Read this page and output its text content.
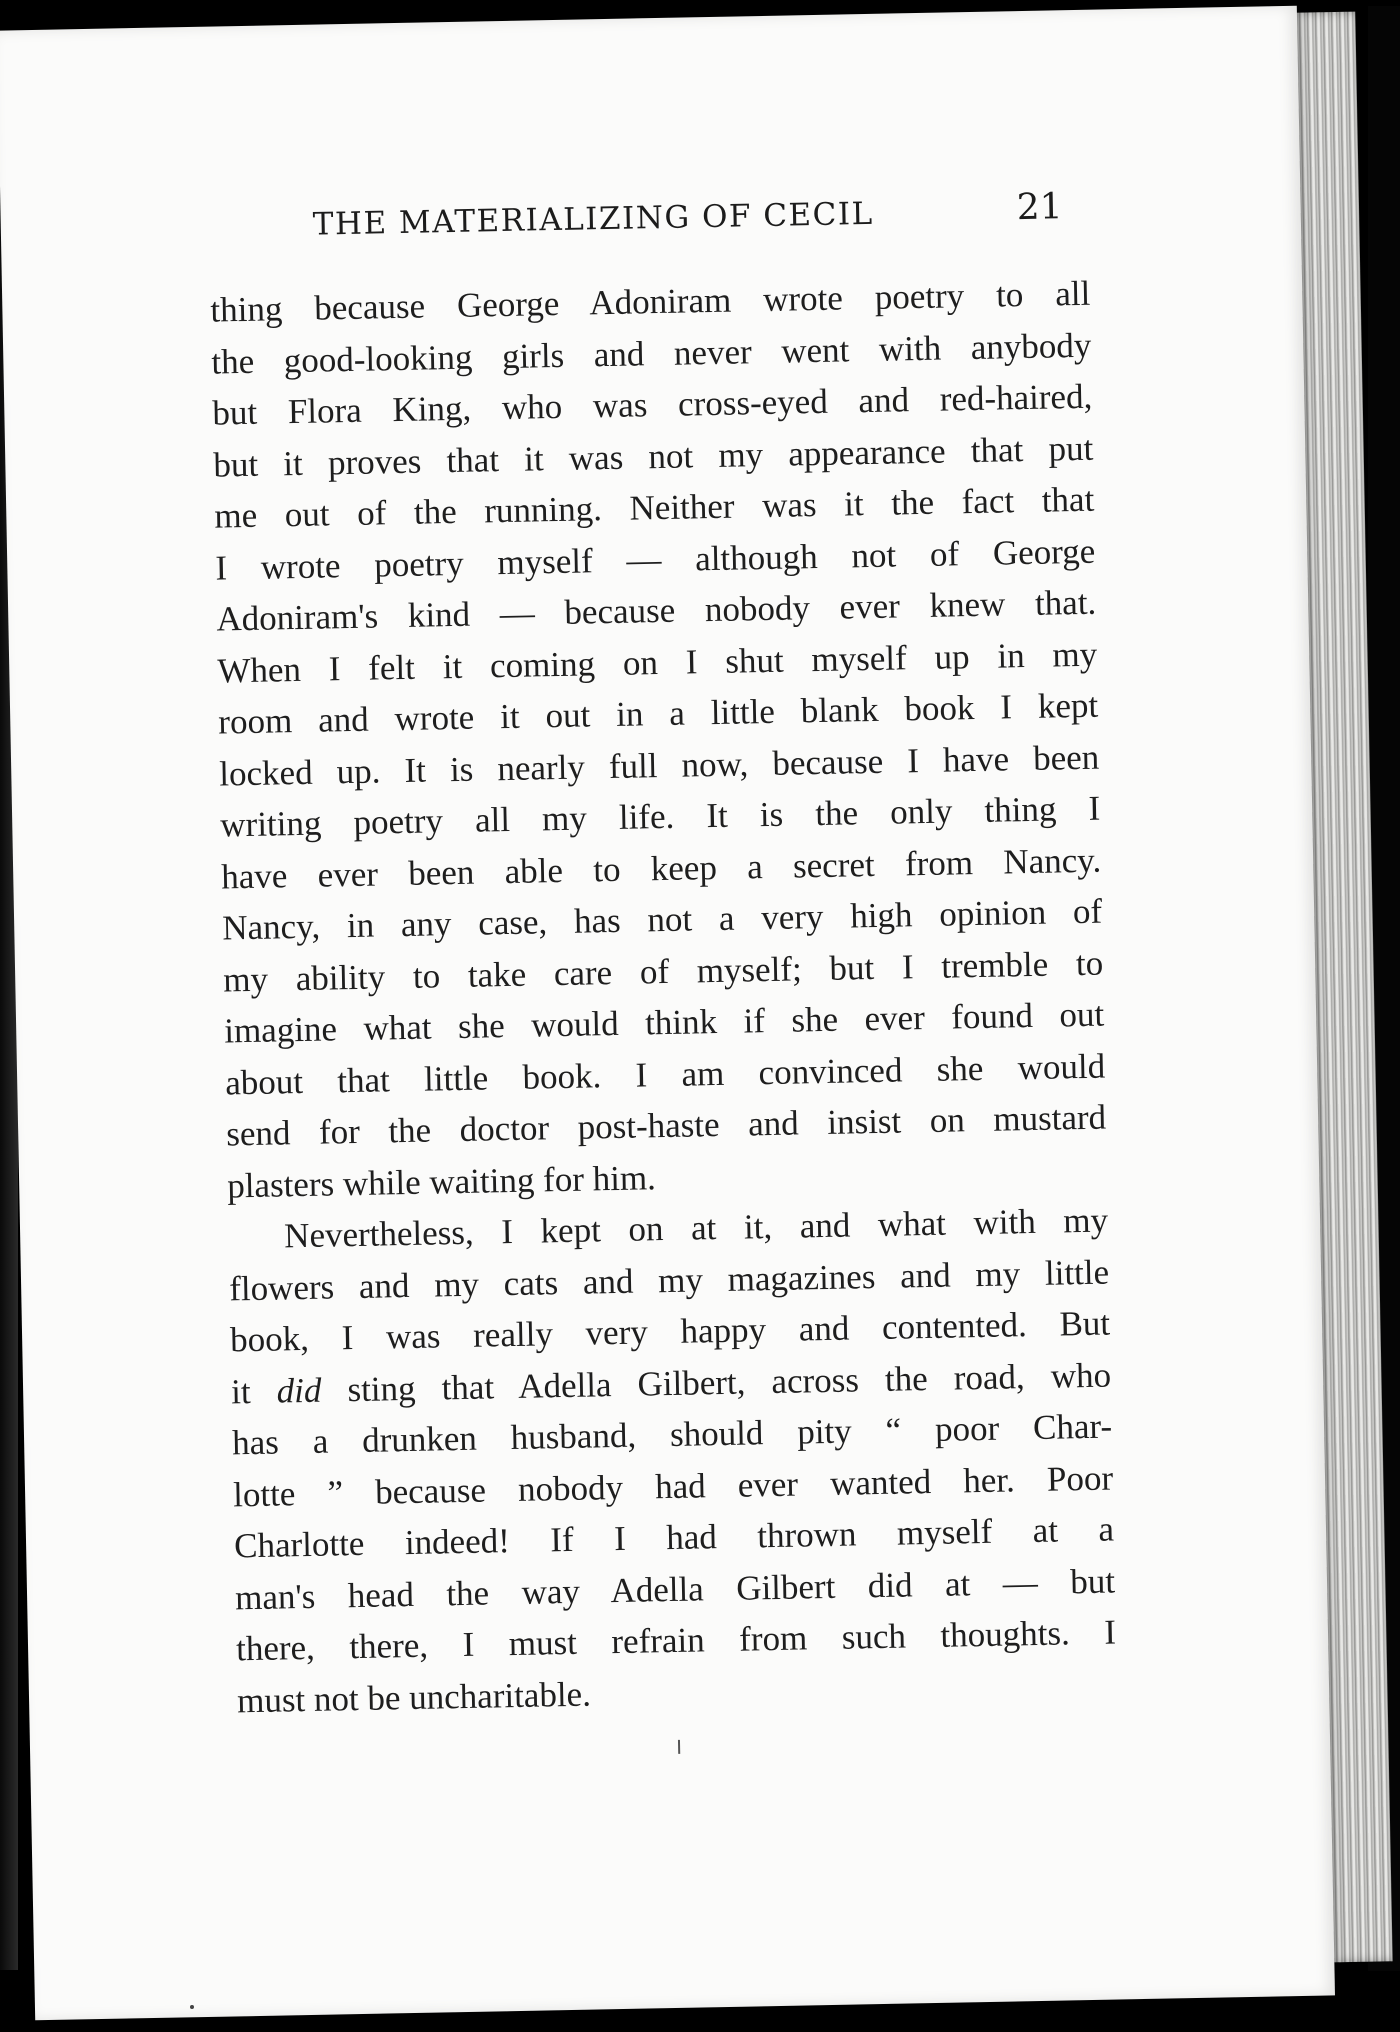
THE MATERIALIZING OF CECIL	21
thing because George Adoniram wrote poetry to all
the good-looking girls and never went with anybody
but Flora King, who was cross-eyed and red-haired,
but it proves that it was not my appearance that put
me out of the running. Neither was it the fact that
I wrote poetry myself — although not of George
Adoniram's kind — because nobody ever knew that.
When I felt it coming on I shut myself up in my
room and wrote it out in a little blank book I kept
locked up. It is nearly full now, because I have been
writing poetry all my life. It is the only thing I
have ever been able to keep a secret from Nancy.
Nancy, in any case, has not a very high opinion of
my ability to take care of myself; but I tremble to
imagine what she would think if she ever found out
about that little book. I am convinced she would
send for the doctor post-haste and insist on mustard
plasters while waiting for him.
Nevertheless, I kept on at it, and what with my
flowers and my cats and my magazines and my little
book, I was really very happy and contented. But
it did sting that Adella Gilbert, across the road, who
has a drunken husband, should pity “ poor Char-
lotte ” because nobody had ever wanted her. Poor
Charlotte indeed! If I had thrown myself at a
man's head the way Adella Gilbert did at — but
there, there, I must refrain from such thoughts. I
must not be uncharitable.
